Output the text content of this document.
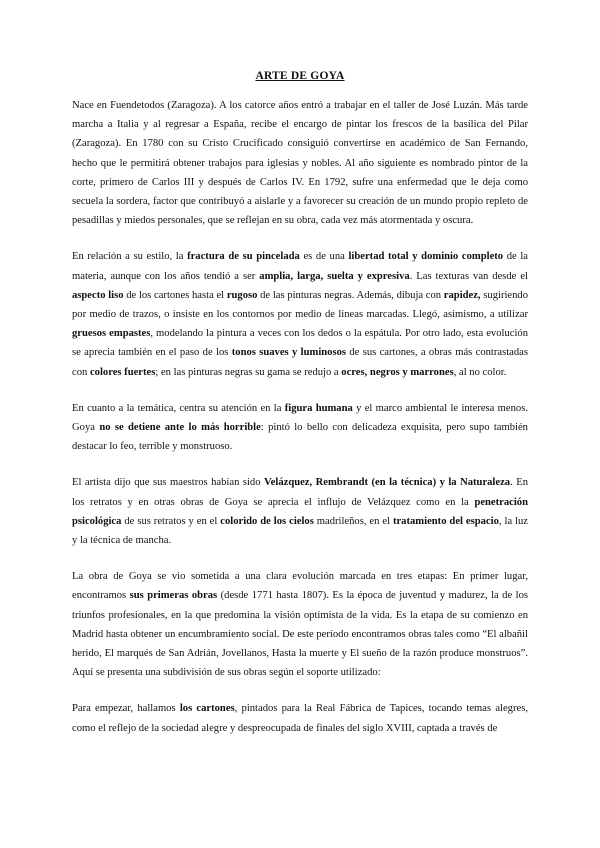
ARTE DE GOYA

Nace en Fuendetodos (Zaragoza). A los catorce años entró a trabajar en el taller de José Luzán. Más tarde marcha a Italia y al regresar a España, recibe el encargo de pintar los frescos de la basílica del Pilar (Zaragoza). En 1780 con su Cristo Crucificado consiguió convertirse en académico de San Fernando, hecho que le permitirá obtener trabajos para iglesias y nobles. Al año siguiente es nombrado pintor de la corte, primero de Carlos III y después de Carlos IV. En 1792, sufre una enfermedad que le deja como secuela la sordera, factor que contribuyó a aislarle y a favorecer su creación de un mundo propio repleto de pesadillas y miedos personales, que se reflejan en su obra, cada vez más atormentada y oscura.

En relación a su estilo, la fractura de su pincelada es de una libertad total y dominio completo de la materia, aunque con los años tendió a ser amplia, larga, suelta y expresiva. Las texturas van desde el aspecto liso de los cartones hasta el rugoso de las pinturas negras. Además, dibuja con rapidez, sugiriendo por medio de trazos, o insiste en los contornos por medio de líneas marcadas. Llegó, asimismo, a utilizar gruesos empastes, modelando la pintura a veces con los dedos o la espátula. Por otro lado, esta evolución se aprecia también en el paso de los tonos suaves y luminosos de sus cartones, a obras más contrastadas con colores fuertes; en las pinturas negras su gama se redujo a ocres, negros y marrones, al no color.

En cuanto a la temática, centra su atención en la figura humana y el marco ambiental le interesa menos. Goya no se detiene ante lo más horrible: pintó lo bello con delicadeza exquisita, pero supo también destacar lo feo, terrible y monstruoso.

El artista dijo que sus maestros habían sido Velázquez, Rembrandt (en la técnica) y la Naturaleza. En los retratos y en otras obras de Goya se aprecia el influjo de Velázquez como en la penetración psicológica de sus retratos y en el colorido de los cielos madrileños, en el tratamiento del espacio, la luz y la técnica de mancha.

La obra de Goya se vio sometida a una clara evolución marcada en tres etapas: En primer lugar, encontramos sus primeras obras (desde 1771 hasta 1807). Es la época de juventud y madurez, la de los triunfos profesionales, en la que predomina la visión optimista de la vida. Es la etapa de su comienzo en Madrid hasta obtener un encumbramiento social. De este período encontramos obras tales como “El albañil herido, El marqués de San Adrián, Jovellanos, Hasta la muerte y El sueño de la razón produce monstruos”. Aquí se presenta una subdivisión de sus obras según el soporte utilizado:

Para empezar, hallamos los cartones, pintados para la Real Fábrica de Tapices, tocando temas alegres, como el reflejo de la sociedad alegre y despreocupada de finales del siglo XVIII, captada a través de
